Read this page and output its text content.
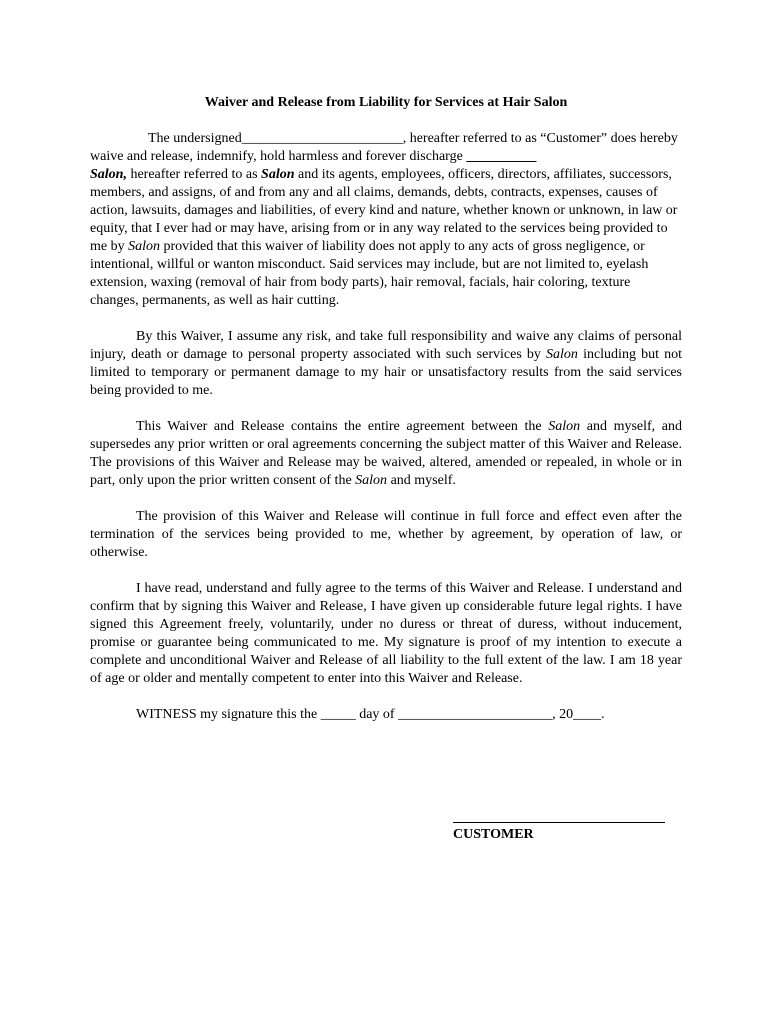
Waiver and Release from Liability for Services at Hair Salon

The undersigned_______________________, hereafter referred to as “Customer” does hereby waive and release, indemnify, hold harmless and forever discharge __________
Salon, hereafter referred to as Salon and its agents, employees, officers, directors, affiliates, successors, members, and assigns, of and from any and all claims, demands, debts, contracts, expenses, causes of action, lawsuits, damages and liabilities, of every kind and nature, whether known or unknown, in law or equity, that I ever had or may have, arising from or in any way related to the services being provided to me by Salon provided that this waiver of liability does not apply to any acts of gross negligence, or intentional, willful or wanton misconduct. Said services may include, but are not limited to, eyelash extension, waxing (removal of hair from body parts), hair removal, facials, hair coloring, texture changes, permanents, as well as hair cutting.

By this Waiver, I assume any risk, and take full responsibility and waive any claims of personal injury, death or damage to personal property associated with such services by Salon including but not limited to temporary or permanent damage to my hair or unsatisfactory results from the said services being provided to me.

This Waiver and Release contains the entire agreement between the Salon and myself, and supersedes any prior written or oral agreements concerning the subject matter of this Waiver and Release. The provisions of this Waiver and Release may be waived, altered, amended or repealed, in whole or in part, only upon the prior written consent of the Salon and myself.

The provision of this Waiver and Release will continue in full force and effect even after the termination of the services being provided to me, whether by agreement, by operation of law, or otherwise.

I have read, understand and fully agree to the terms of this Waiver and Release. I understand and confirm that by signing this Waiver and Release, I have given up considerable future legal rights. I have signed this Agreement freely, voluntarily, under no duress or threat of duress, without inducement, promise or guarantee being communicated to me. My signature is proof of my intention to execute a complete and unconditional Waiver and Release of all liability to the full extent of the law. I am 18 year of age or older and mentally competent to enter into this Waiver and Release.

WITNESS my signature this the _____ day of ______________________, 20____.

CUSTOMER
